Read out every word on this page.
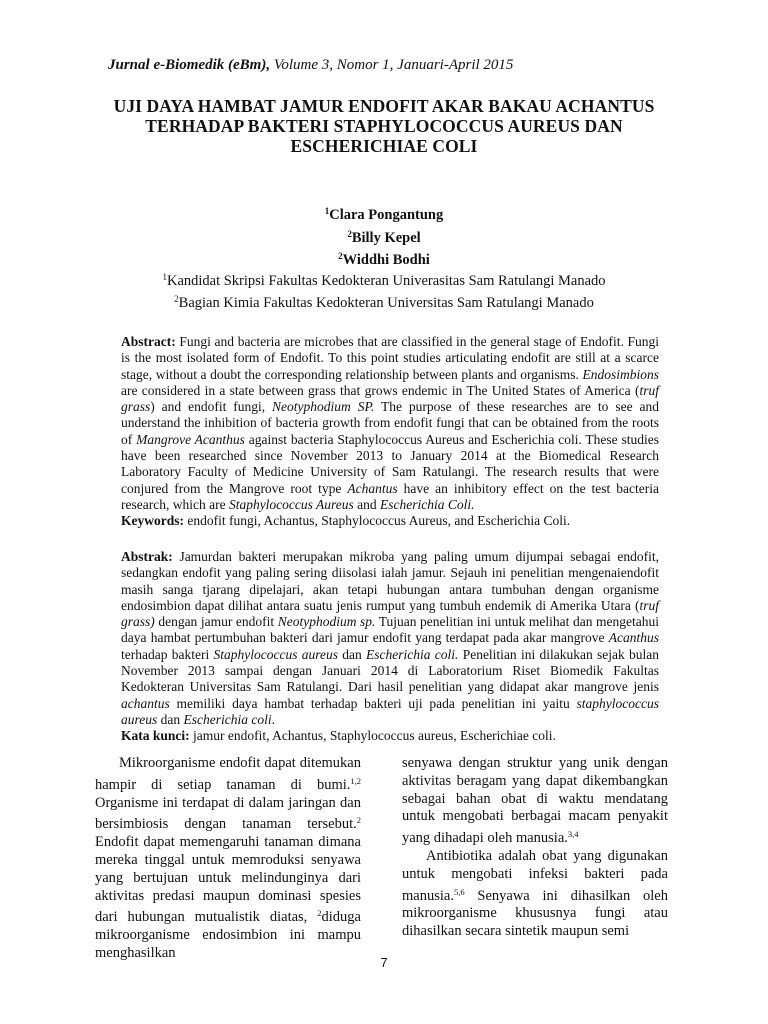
Jurnal e-Biomedik (eBm), Volume 3, Nomor 1, Januari-April 2015
UJI DAYA HAMBAT JAMUR ENDOFIT AKAR BAKAU ACHANTUS
TERHADAP BAKTERI STAPHYLOCOCCUS AUREUS DAN
ESCHERICHIAE COLI
$^1$Clara Pongantung
$^2$Billy Kepel
$^2$Widdhi Bodhi
$^1$Kandidat Skripsi Fakultas Kedokteran Univerasitas Sam Ratulangi Manado
$^2$Bagian Kimia Fakultas Kedokteran Universitas Sam Ratulangi Manado
Abstract: Fungi and bacteria are microbes that are classified in the general stage of Endofit. Fungi is the most isolated form of Endofit. To this point studies articulating endofit are still at a scarce stage, without a doubt the corresponding relationship between plants and organisms. Endosimbions are considered in a state between grass that grows endemic in The United States of America (truf grass) and endofit fungi, Neotyphodium SP. The purpose of these researches are to see and understand the inhibition of bacteria growth from endofit fungi that can be obtained from the roots of Mangrove Acanthus against bacteria Staphylococcus Aureus and Escherichia coli. These studies have been researched since November 2013 to January 2014 at the Biomedical Research Laboratory Faculty of Medicine University of Sam Ratulangi. The research results that were conjured from the Mangrove root type Achantus have an inhibitory effect on the test bacteria research, which are Staphylococcus Aureus and Escherichia Coli.
Keywords: endofit fungi, Achantus, Staphylococcus Aureus, and Escherichia Coli.
Abstrak: Jamurdan bakteri merupakan mikroba yang paling umum dijumpai sebagai endofit, sedangkan endofit yang paling sering diisolasi ialah jamur. Sejauh ini penelitian mengenaiendofit masih sanga tjarang dipelajari, akan tetapi hubungan antara tumbuhan dengan organisme endosimbion dapat dilihat antara suatu jenis rumput yang tumbuh endemik di Amerika Utara (truf grass) dengan jamur endofit Neotyphodium sp. Tujuan penelitian ini untuk melihat dan mengetahui daya hambat pertumbuhan bakteri dari jamur endofit yang terdapat pada akar mangrove Acanthus terhadap bakteri Staphylococcus aureus dan Escherichia coli. Penelitian ini dilakukan sejak bulan November 2013 sampai dengan Januari 2014 di Laboratorium Riset Biomedik Fakultas Kedokteran Universitas Sam Ratulangi. Dari hasil penelitian yang didapat akar mangrove jenis achantus memiliki daya hambat terhadap bakteri uji pada penelitian ini yaitu staphylococcus aureus dan Escherichia coli.
Kata kunci: jamur endofit, Achantus, Staphylococcus aureus, Escherichiae coli.

Mikroorganisme endofit dapat ditemukan hampir di setiap tanaman di bumi.$^{1,2}$ Organisme ini terdapat di dalam jaringan dan bersimbiosis dengan tanaman tersebut.$^2$ Endofit dapat memengaruhi tanaman dimana mereka tinggal untuk memroduksi senyawa yang bertujuan untuk melindunginya dari aktivitas predasi maupun dominasi spesies dari hubungan mutualistik diatas, $^2$diduga mikroorganisme endosimbion ini mampu menghasilkan

senyawa dengan struktur yang unik dengan aktivitas beragam yang dapat dikembangkan sebagai bahan obat di waktu mendatang untuk mengobati berbagai macam penyakit yang dihadapi oleh manusia.$^{3,4}$

Antibiotika adalah obat yang digunakan untuk mengobati infeksi bakteri pada manusia.$^{5,6}$ Senyawa ini dihasilkan oleh mikroorganisme khususnya fungi atau dihasilkan secara sintetik maupun semi

7
